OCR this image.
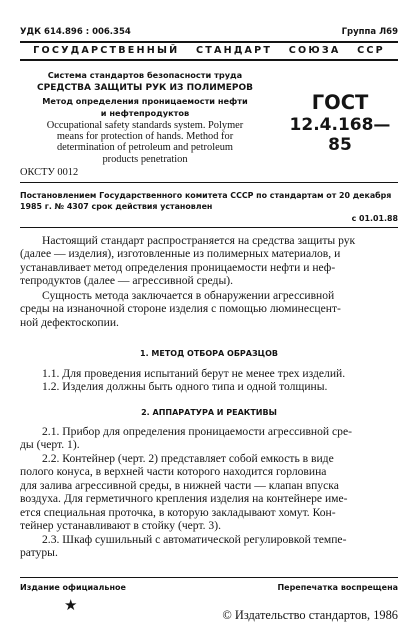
УДК 614.896 : 006.354	Группа Л69
ГОСУДАРСТВЕННЫЙ   СТАНДАРТ   СОЮЗА   ССР
Система стандартов безопасности труда
СРЕДСТВА ЗАЩИТЫ РУК ИЗ ПОЛИМЕРОВ
Метод определения проницаемости нефти
и нефтепродуктов
Occupational safety standards system. Polymer
means for protection of hands. Method for
determination of petroleum and petroleum
products penetration
ОКСТУ 0012
ГОСТ
12.4.168—85
Постановлением Государственного комитета СССР по стандартам от 20 декабря
1985 г. № 4307 срок действия установлен
с 01.01.88
Настоящий стандарт распространяется на средства защиты рук
(далее — изделия), изготовленные из полимерных материалов, и
устанавливает метод определения проницаемости нефти и неф-
тепродуктов (далее — агрессивной среды).
Сущность метода заключается в обнаружении агрессивной
среды на изнаночной стороне изделия с помощью люминесцент-
ной дефектоскопии.
1. МЕТОД ОТБОРА ОБРАЗЦОВ
1.1. Для проведения испытаний берут не менее трех изделий.
1.2. Изделия должны быть одного типа и одной толщины.
2. АППАРАТУРА И РЕАКТИВЫ
2.1. Прибор для определения проницаемости агрессивной сре-
ды (черт. 1).
2.2. Контейнер (черт. 2) представляет собой емкость в виде
полого конуса, в верхней части которого находится горловина
для залива агрессивной среды, в нижней части — клапан впуска
воздуха. Для герметичного крепления изделия на контейнере име-
ется специальная проточка, в которую закладывают хомут. Кон-
тейнер устанавливают в стойку (черт. 3).
2.3. Шкаф сушильный с автоматической регулировкой темпе-
ратуры.
Издание официальное	Перепечатка воспрещена
★
© Издательство стандартов, 1986
